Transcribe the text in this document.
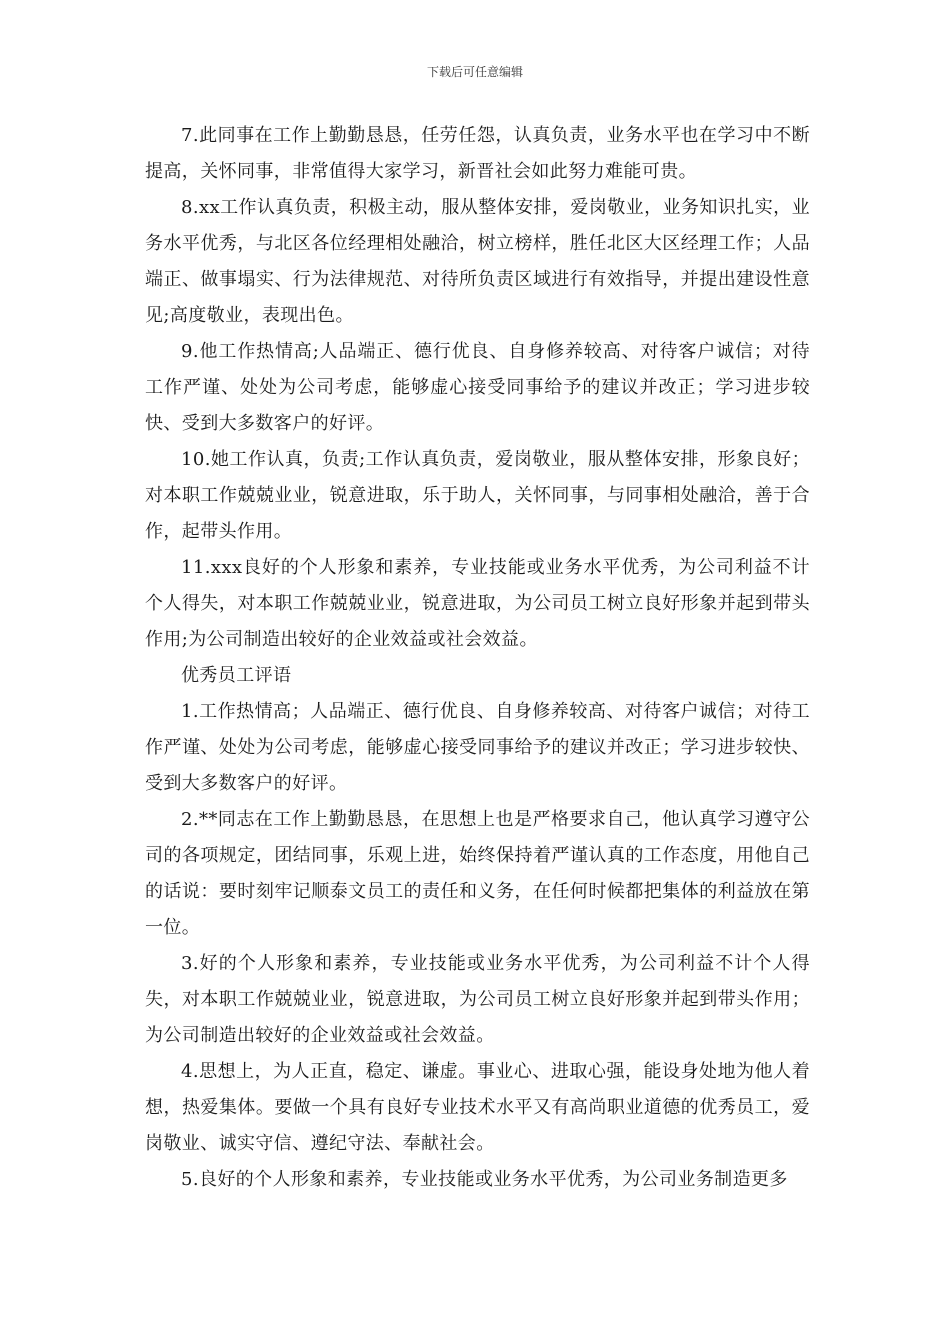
下载后可任意编辑

7.此同事在工作上勤勤恳恳，任劳任怨，认真负责，业务水平也在学习中不断提高，关怀同事，非常值得大家学习，新晋社会如此努力难能可贵。

8.xx工作认真负责，积极主动，服从整体安排，爱岗敬业，业务知识扎实，业务水平优秀，与北区各位经理相处融洽，树立榜样，胜任北区大区经理工作；人品端正、做事塌实、行为法律规范、对待所负责区域进行有效指导，并提出建设性意见;高度敬业，表现出色。

9.他工作热情高;人品端正、德行优良、自身修养较高、对待客户诚信；对待工作严谨、处处为公司考虑，能够虚心接受同事给予的建议并改正；学习进步较快、受到大多数客户的好评。

10.她工作认真，负责;工作认真负责，爱岗敬业，服从整体安排，形象良好；对本职工作兢兢业业，锐意进取，乐于助人，关怀同事，与同事相处融洽，善于合作，起带头作用。

11.xxx良好的个人形象和素养，专业技能或业务水平优秀，为公司利益不计个人得失，对本职工作兢兢业业，锐意进取，为公司员工树立良好形象并起到带头作用;为公司制造出较好的企业效益或社会效益。

优秀员工评语

1.工作热情高；人品端正、德行优良、自身修养较高、对待客户诚信；对待工作严谨、处处为公司考虑，能够虚心接受同事给予的建议并改正；学习进步较快、受到大多数客户的好评。

2.**同志在工作上勤勤恳恳，在思想上也是严格要求自己，他认真学习遵守公司的各项规定，团结同事，乐观上进，始终保持着严谨认真的工作态度，用他自己的话说：要时刻牢记顺泰文员工的责任和义务，在任何时候都把集体的利益放在第一位。

3.好的个人形象和素养，专业技能或业务水平优秀，为公司利益不计个人得失，对本职工作兢兢业业，锐意进取，为公司员工树立良好形象并起到带头作用；为公司制造出较好的企业效益或社会效益。

4.思想上，为人正直，稳定、谦虚。事业心、进取心强，能设身处地为他人着想，热爱集体。要做一个具有良好专业技术水平又有高尚职业道德的优秀员工，爱岗敬业、诚实守信、遵纪守法、奉献社会。

5.良好的个人形象和素养，专业技能或业务水平优秀，为公司业务制造更多
